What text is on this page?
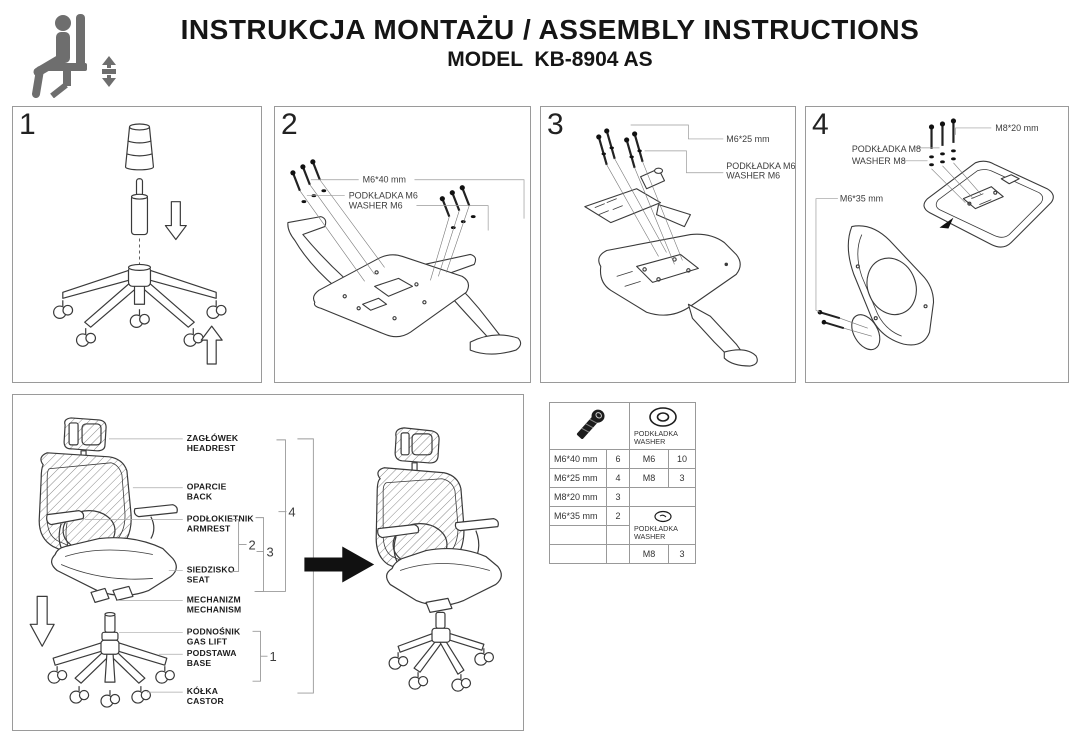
INSTRUKCJA MONTAŻU / ASSEMBLY INSTRUCTIONS
MODEL  KB-8904 AS
1	2
M6*40 mm
PODKŁADKA M6
WASHER M6
3	M6*25 mm
PODKŁADKA M6
WASHER M6
4	M8*20 mm
PODKŁADKA M8
WASHER M8
M6*35 mm
ZAGŁÓWEK
HEADREST
OPARCIE
BACK
PODŁOKIETNIK
ARMREST
SIEDZISKO
SEAT
MECHANIZM
MECHANISM
PODNOŚNIK
GAS LIFT
PODSTAWA
BASE
KÓŁKA
CASTOR
2 3
4
1

PODKŁADKA
WASHER	

M6*40 mm	6	M6	10
M6*25 mm	4	M8	3
M8*20 mm	3		
M6*35 mm	2	PODKŁADKA
WASHER	

		M8	3
